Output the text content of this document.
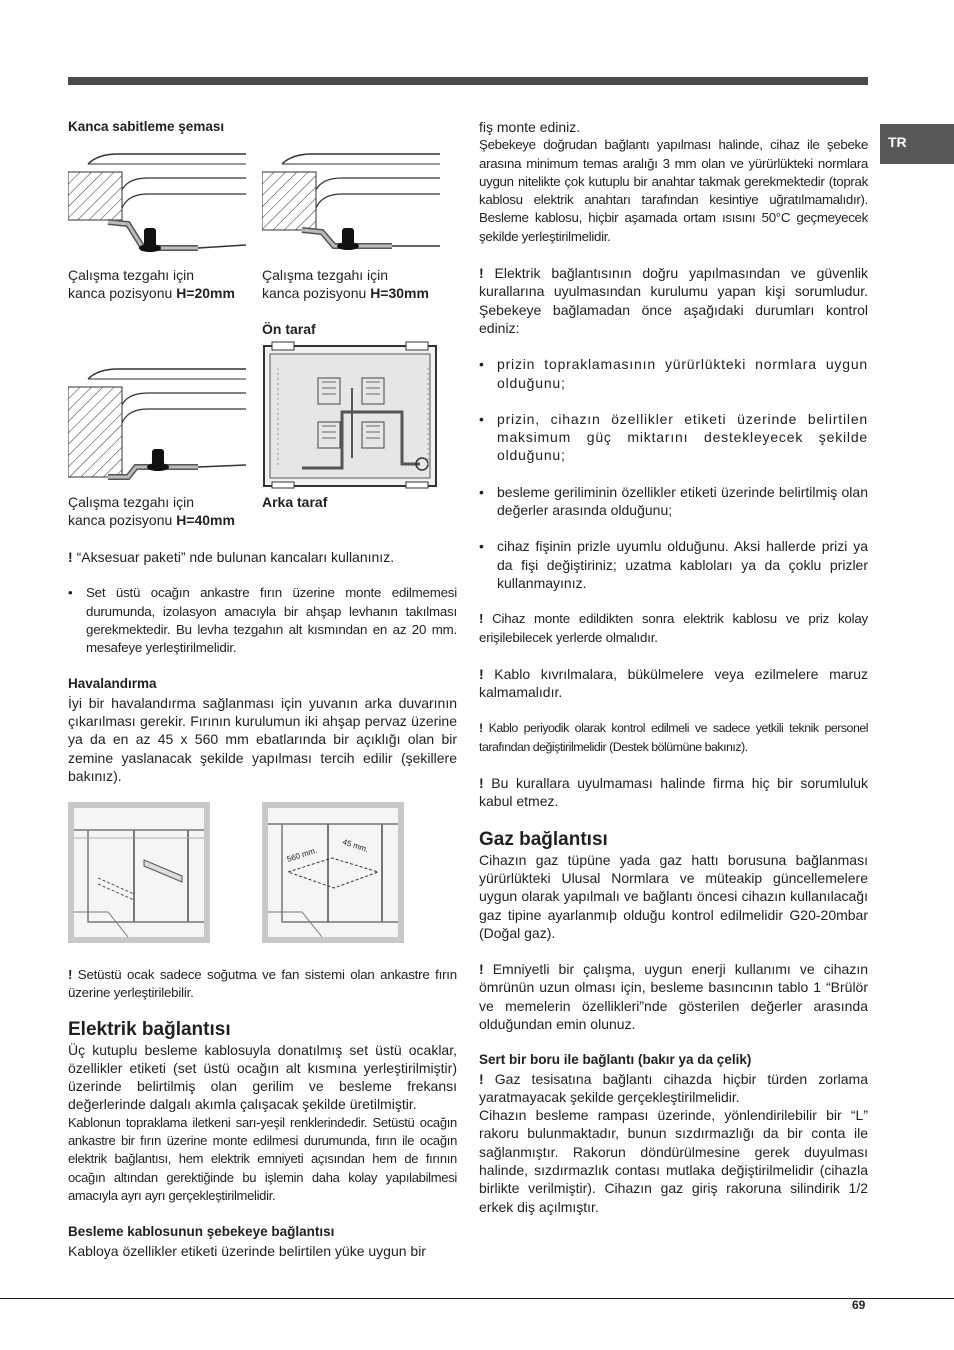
TR
Kanca sabitleme şeması
Çalışma tezgahı için
kanca pozisyonu H=20mm
Çalışma tezgahı için
kanca pozisyonu H=30mm
Ön taraf
Çalışma tezgahı için
kanca pozisyonu H=40mm
Arka taraf

! “Aksesuar paketi” nde bulunan kancaları kullanınız.

• Set üstü ocağın ankastre fırın üzerine monte edilmemesi durumunda, izolasyon amacıyla bir ahşap levhanın takılması gerekmektedir. Bu levha tezgahın alt kısmından en az 20 mm. mesafeye yerleştirilmelidir.
Havalandırma

İyi bir havalandırma sağlanması için yuvanın arka duvarının çıkarılması gerekir. Fırının kurulumun iki ahşap pervaz üzerine ya da en az 45 x 560 mm ebatlarında bir açıklığı olan bir zemine yaslanacak şekilde yapılması tercih edilir (şekillere bakınız).

560 mm.	45 mm.

! Setüstü ocak sadece soğutma ve fan sistemi olan ankastre fırın üzerine yerleştirilebilir.

Elektrik bağlantısı

Üç kutuplu besleme kablosuyla donatılmış set üstü ocaklar, özellikler etiketi (set üstü ocağın alt kısmına yerleştirilmiştir) üzerinde belirtilmiş olan gerilim ve besleme frekansı değerlerinde dalgalı akımla çalışacak şekilde üretilmiştir.

Kablonun topraklama iletkeni sarı-yeşil renklerindedir. Setüstü ocağın ankastre bir fırın üzerine monte edilmesi durumunda, fırın ile ocağın elektrik bağlantısı, hem elektrik emniyeti açısından hem de fırının ocağın altından gerektiğinde bu işlemin daha kolay yapılabilmesi amacıyla ayrı ayrı gerçekleştirilmelidir.

Besleme kablosunun şebekeye bağlantısı

Kabloya özellikler etiketi üzerinde belirtilen yüke uygun bir

fiş monte ediniz.

Şebekeye doğrudan bağlantı yapılması halinde, cihaz ile şebeke arasına minimum temas aralığı 3 mm olan ve yürürlükteki normlara uygun nitelikte çok kutuplu bir anahtar takmak gerekmektedir (toprak kablosu elektrik anahtarı tarafından kesintiye uğratılmamalıdır). Besleme kablosu, hiçbir aşamada ortam ısısını 50°C geçmeyecek şekilde yerleştirilmelidir.

! Elektrik bağlantısının doğru yapılmasından ve güvenlik kurallarına uyulmasından kurulumu yapan kişi sorumludur. Şebekeye bağlamadan önce aşağıdaki durumları kontrol ediniz:

• prizin topraklamasının yürürlükteki normlara uygun olduğunu;
• prizin, cihazın özellikler etiketi üzerinde belirtilen maksimum güç miktarını destekleyecek şekilde olduğunu;
• besleme geriliminin özellikler etiketi üzerinde belirtilmiş olan değerler arasında olduğunu;
• cihaz fişinin prizle uyumlu olduğunu. Aksi hallerde prizi ya da fişi değiştiriniz; uzatma kabloları ya da çoklu prizler kullanmayınız.

! Cihaz monte edildikten sonra elektrik kablosu ve priz kolay erişilebilecek yerlerde olmalıdır.

! Kablo kıvrılmalara, bükülmelere veya ezilmelere maruz kalmamalıdır.

! Kablo periyodik olarak kontrol edilmeli ve sadece yetkili teknik personel tarafından değiştirilmelidir (Destek bölümüne bakınız).

! Bu kurallara uyulmaması halinde firma hiç bir sorumluluk kabul etmez.

Gaz bağlantısı

Cihazın gaz tüpüne yada gaz hattı borusuna bağlanması yürürlükteki Ulusal Normlara ve müteakip güncellemelere uygun olarak yapılmalı ve bağlantı öncesi cihazın kullanılacağı gaz tipine ayarlanmıþ olduğu kontrol edilmelidir G20-20mbar (Doğal gaz).

! Emniyetli bir çalışma, uygun enerji kullanımı ve cihazın ömrünün uzun olması için, besleme basıncının tablo 1 “Brülör ve memelerin özellikleri”nde gösterilen değerler arasında olduğundan emin olunuz.

Sert bir boru ile bağlantı (bakır ya da çelik)

! Gaz tesisatına bağlantı cihazda hiçbir türden zorlama yaratmayacak şekilde gerçekleştirilmelidir.

Cihazın besleme rampası üzerinde, yönlendirilebilir bir “L” rakoru bulunmaktadır, bunun sızdırmazlığı da bir conta ile sağlanmıştır. Rakorun döndürülmesine gerek duyulması halinde, sızdırmazlık contası mutlaka değiştirilmelidir (cihazla birlikte verilmiştir). Cihazın gaz giriş rakoruna silindirik 1/2 erkek diş açılmıştır.

69
